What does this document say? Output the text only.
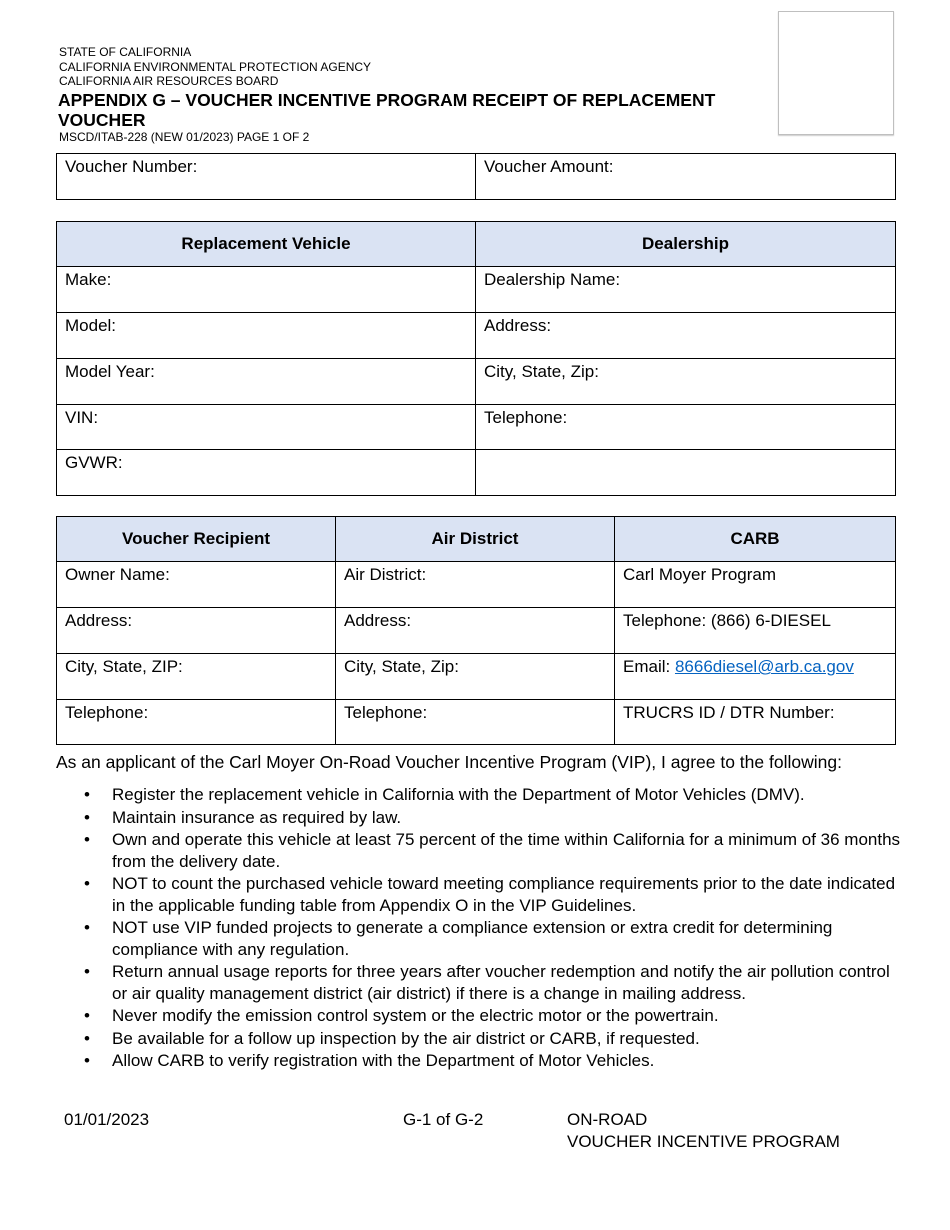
STATE OF CALIFORNIA
CALIFORNIA ENVIRONMENTAL PROTECTION AGENCY
CALIFORNIA AIR RESOURCES BOARD
APPENDIX G – VOUCHER INCENTIVE PROGRAM RECEIPT OF REPLACEMENT VOUCHER
MSCD/ITAB-228 (NEW 01/2023) PAGE 1 OF 2
Voucher Number:	Voucher Amount:
Replacement Vehicle	Dealership
Make:	Dealership Name:
Model:	Address:
Model Year:	City, State, Zip:
VIN:	Telephone:
GVWR:	
Voucher Recipient	Air District	CARB
Owner Name:	Air District:	Carl Moyer Program
Address:	Address:	Telephone: (866) 6-DIESEL
City, State, ZIP:	City, State, Zip:	Email: 8666diesel@arb.ca.gov
Telephone:	Telephone:	TRUCRS ID / DTR Number:
As an applicant of the Carl Moyer On-Road Voucher Incentive Program (VIP), I agree to the following:
• Register the replacement vehicle in California with the Department of Motor Vehicles (DMV).
• Maintain insurance as required by law.
• Own and operate this vehicle at least 75 percent of the time within California for a minimum of 36 months from the delivery date.
• NOT to count the purchased vehicle toward meeting compliance requirements prior to the date indicated in the applicable funding table from Appendix O in the VIP Guidelines.
• NOT use VIP funded projects to generate a compliance extension or extra credit for determining compliance with any regulation.
• Return annual usage reports for three years after voucher redemption and notify the air pollution control or air quality management district (air district) if there is a change in mailing address.
• Never modify the emission control system or the electric motor or the powertrain.
• Be available for a follow up inspection by the air district or CARB, if requested.
• Allow CARB to verify registration with the Department of Motor Vehicles.
01/01/2023	G-1 of G-2	ON-ROAD
VOUCHER INCENTIVE PROGRAM
